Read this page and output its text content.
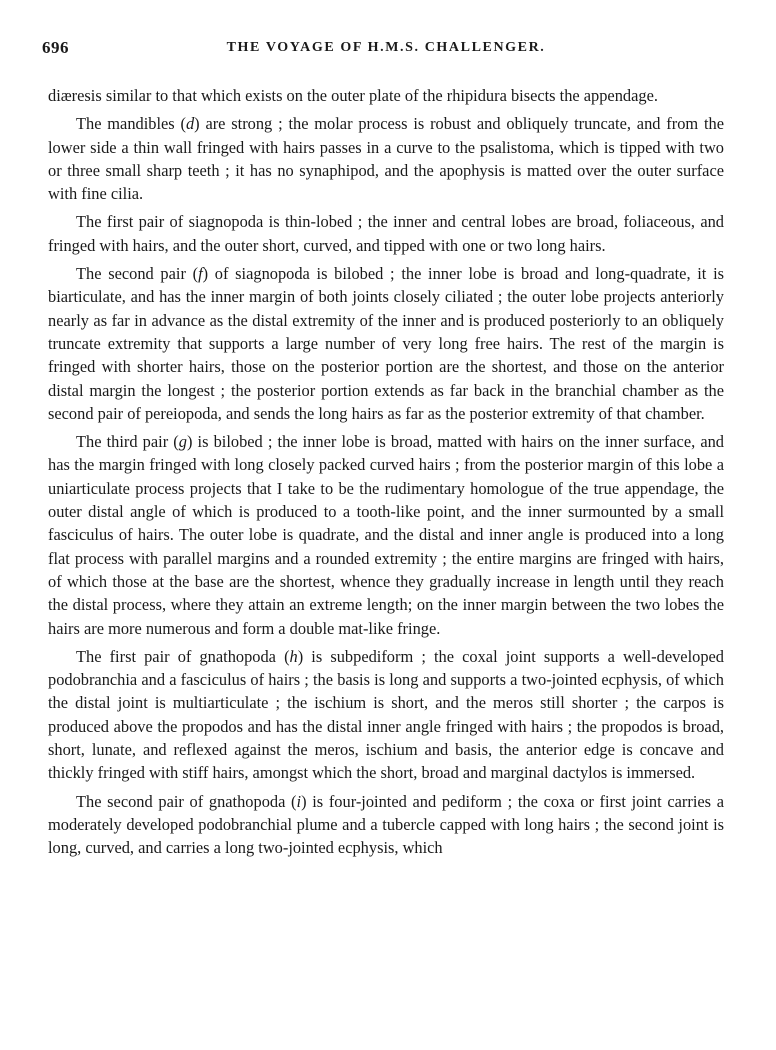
696	THE VOYAGE OF H.M.S. CHALLENGER.

diæresis similar to that which exists on the outer plate of the rhipidura bisects the appendage.

The mandibles (d) are strong ; the molar process is robust and obliquely truncate, and from the lower side a thin wall fringed with hairs passes in a curve to the psalistoma, which is tipped with two or three small sharp teeth ; it has no synaphipod, and the apophysis is matted over the outer surface with fine cilia.

The first pair of siagnopoda is thin-lobed ; the inner and central lobes are broad, foliaceous, and fringed with hairs, and the outer short, curved, and tipped with one or two long hairs.

The second pair (f) of siagnopoda is bilobed ; the inner lobe is broad and long-quadrate, it is biarticulate, and has the inner margin of both joints closely ciliated ; the outer lobe projects anteriorly nearly as far in advance as the distal extremity of the inner and is produced posteriorly to an obliquely truncate extremity that supports a large number of very long free hairs. The rest of the margin is fringed with shorter hairs, those on the posterior portion are the shortest, and those on the anterior distal margin the longest ; the posterior portion extends as far back in the branchial chamber as the second pair of pereiopoda, and sends the long hairs as far as the posterior extremity of that chamber.

The third pair (g) is bilobed ; the inner lobe is broad, matted with hairs on the inner surface, and has the margin fringed with long closely packed curved hairs ; from the posterior margin of this lobe a uniarticulate process projects that I take to be the rudimentary homologue of the true appendage, the outer distal angle of which is produced to a tooth-like point, and the inner surmounted by a small fasciculus of hairs. The outer lobe is quadrate, and the distal and inner angle is produced into a long flat process with parallel margins and a rounded extremity ; the entire margins are fringed with hairs, of which those at the base are the shortest, whence they gradually increase in length until they reach the distal process, where they attain an extreme length; on the inner margin between the two lobes the hairs are more numerous and form a double mat-like fringe.

The first pair of gnathopoda (h) is subpediform ; the coxal joint supports a well-developed podobranchia and a fasciculus of hairs ; the basis is long and supports a two-jointed ecphysis, of which the distal joint is multiarticulate ; the ischium is short, and the meros still shorter ; the carpos is produced above the propodos and has the distal inner angle fringed with hairs ; the propodos is broad, short, lunate, and reflexed against the meros, ischium and basis, the anterior edge is concave and thickly fringed with stiff hairs, amongst which the short, broad and marginal dactylos is immersed.

The second pair of gnathopoda (i) is four-jointed and pediform ; the coxa or first joint carries a moderately developed podobranchial plume and a tubercle capped with long hairs ; the second joint is long, curved, and carries a long two-jointed ecphysis, which
